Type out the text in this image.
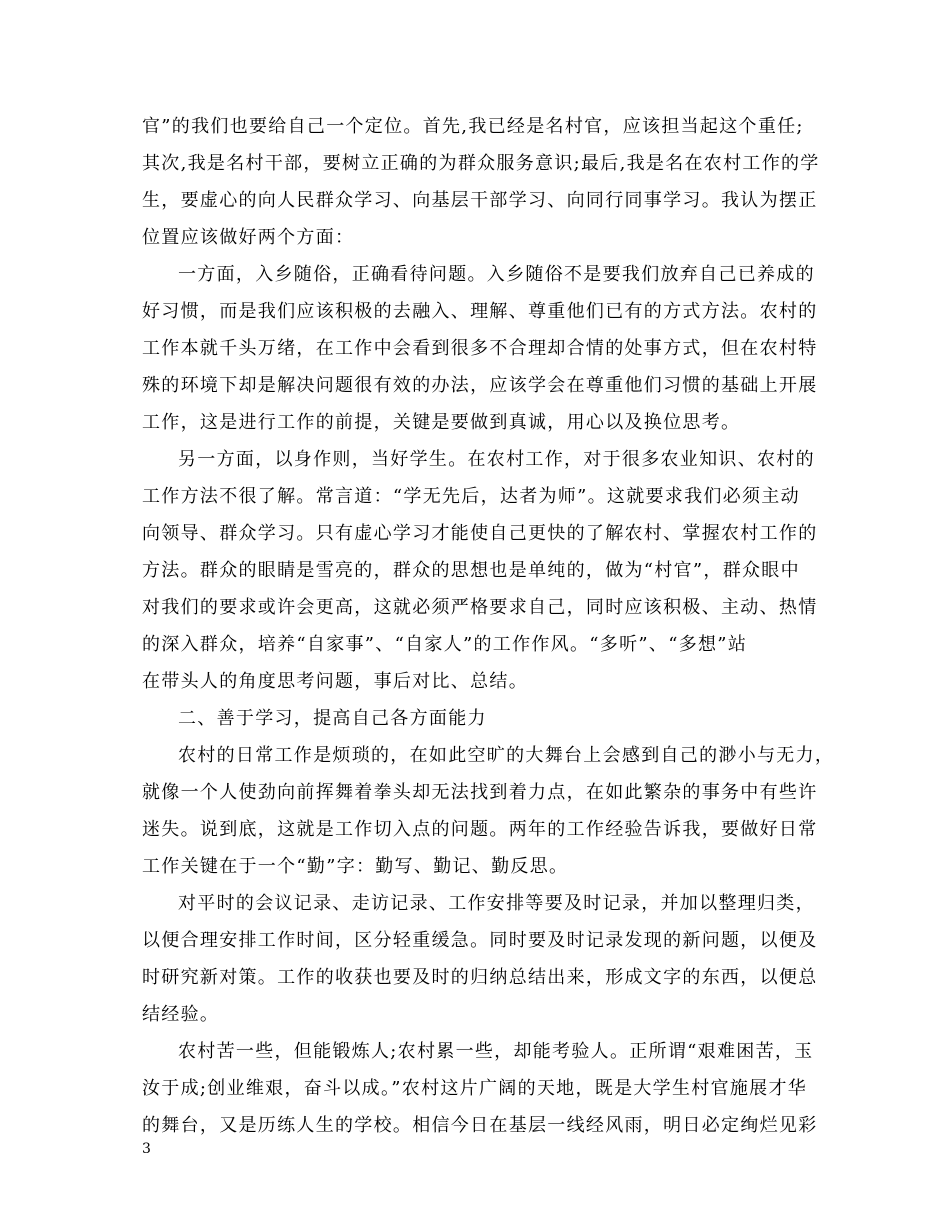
官”的我们也要给自己一个定位。首先,我已经是名村官，应该担当起这个重任;
其次,我是名村干部，要树立正确的为群众服务意识;最后,我是名在农村工作的学
生，要虚心的向人民群众学习、向基层干部学习、向同行同事学习。我认为摆正
位置应该做好两个方面：
一方面，入乡随俗，正确看待问题。入乡随俗不是要我们放弃自己已养成的
好习惯，而是我们应该积极的去融入、理解、尊重他们已有的方式方法。农村的
工作本就千头万绪，在工作中会看到很多不合理却合情的处事方式，但在农村特
殊的环境下却是解决问题很有效的办法，应该学会在尊重他们习惯的基础上开展
工作，这是进行工作的前提，关键是要做到真诚，用心以及换位思考。
另一方面，以身作则，当好学生。在农村工作，对于很多农业知识、农村的
工作方法不很了解。常言道：“学无先后，达者为师”。这就要求我们必须主动
向领导、群众学习。只有虚心学习才能使自己更快的了解农村、掌握农村工作的
方法。群众的眼睛是雪亮的，群众的思想也是单纯的，做为“村官”，群众眼中
对我们的要求或许会更高，这就必须严格要求自己，同时应该积极、主动、热情
的深入群众，培养“自家事”、“自家人”的工作作风。“多听”、“多想”站
在带头人的角度思考问题，事后对比、总结。
二、善于学习，提高自己各方面能力
农村的日常工作是烦琐的，在如此空旷的大舞台上会感到自己的渺小与无力，
就像一个人使劲向前挥舞着拳头却无法找到着力点，在如此繁杂的事务中有些许
迷失。说到底，这就是工作切入点的问题。两年的工作经验告诉我，要做好日常
工作关键在于一个“勤”字：勤写、勤记、勤反思。
对平时的会议记录、走访记录、工作安排等要及时记录，并加以整理归类，
以便合理安排工作时间，区分轻重缓急。同时要及时记录发现的新问题，以便及
时研究新对策。工作的收获也要及时的归纳总结出来，形成文字的东西，以便总
结经验。
农村苦一些，但能锻炼人;农村累一些，却能考验人。正所谓“艰难困苦，玉
汝于成;创业维艰，奋斗以成。”农村这片广阔的天地，既是大学生村官施展才华
的舞台，又是历练人生的学校。相信今日在基层一线经风雨，明日必定绚烂见彩
3
